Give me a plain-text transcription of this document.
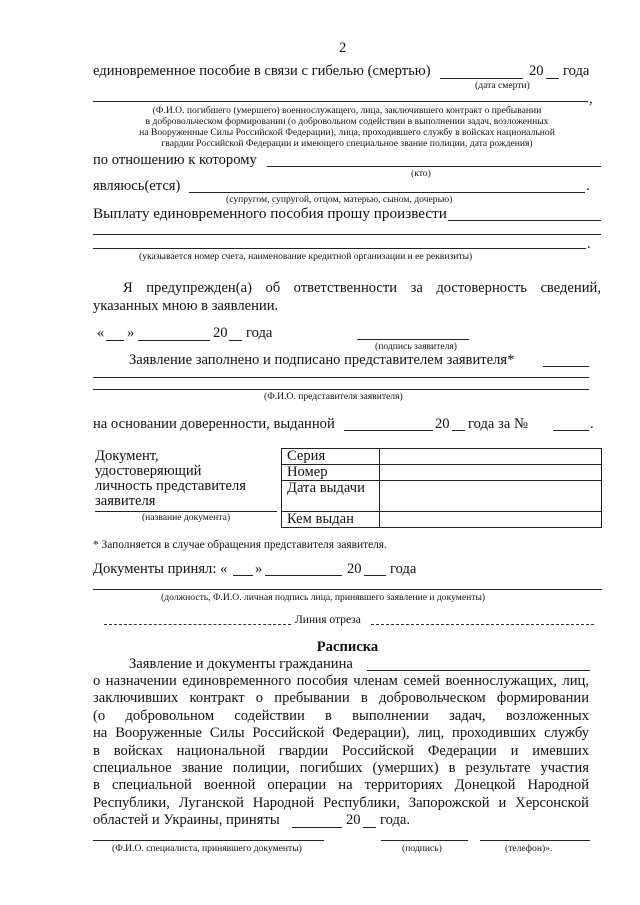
2
единовременное пособие в связи с гибелью (смертью)	20 года
(дата смерти)
,
(Ф.И.О. погибшего (умершего) военнослужащего, лица, заключившего контракт о пребывании
в добровольческом формировании (о добровольном содействии в выполнении задач, возложенных
на Вооруженные Силы Российской Федерации), лица, проходившего службу в войсках национальной
гвардии Российской Федерации и имеющего специальное звание полиции, дата рождения)
по отношению к которому
(кто)
являюсь(ется)	.
(супругом, супругой, отцом, матерью, сыном, дочерью)
Выплату единовременного пособия прошу произвести
.
(указывается номер счета, наименование кредитной организации и ее реквизиты)
Я предупрежден(а) об ответственности за достоверность сведений,
указанных мною в заявлении.
« »	20 года
(подпись заявителя)
Заявление заполнено и подписано представителем заявителя*
(Ф.И.О. представителя заявителя)
на основании доверенности, выданной	20 года за №	.
Документ,
удостоверяющий
личность представителя
заявителя
(название документа)	Серия	
	Номер	
	Дата выдачи	
	Кем выдан	
* Заполняется в случае обращения представителя заявителя.
Документы принял: « »	20 года
(должность, Ф.И.О. личная подпись лица, принявшего заявление и документы)
Линия отреза
Расписка
Заявление и документы гражданина
о назначении единовременного пособия членам семей военнослужащих, лиц,
заключивших контракт о пребывании в добровольческом формировании
(о добровольном содействии в выполнении задач, возложенных
на Вооруженные Силы Российской Федерации), лиц, проходивших службу
в войсках национальной гвардии Российской Федерации и имевших
специальное звание полиции, погибших (умерших) в результате участия
в специальной военной операции на территориях Донецкой Народной
Республики, Луганской Народной Республики, Запорожской и Херсонской
областей и Украины, приняты	20 года.
(Ф.И.О. специалиста, принявшего документы)	(подпись)	(телефон)».
